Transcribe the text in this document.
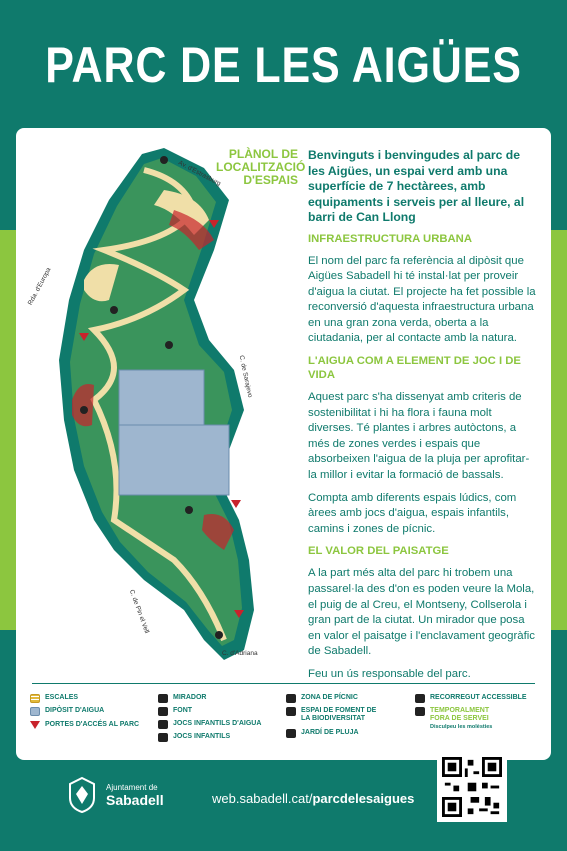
PARC DE LES AIGÜES
Av. d'Estrasburg
Rda. d'Europa
C. de Sarajevo
C. de Pin el Vell
C. d'Adriana
PLÀNOL DE
LOCALITZACIÓ
D'ESPAIS
Benvinguts i benvingudes al parc de les Aigües, un espai verd amb una superfície de 7 hectàrees, amb equipaments i serveis per al lleure, al barri de Can Llong
INFRAESTRUCTURA URBANA
El nom del parc fa referència al dipòsit que Aigües Sabadell hi té instal·lat per proveir d'aigua la ciutat. El projecte ha fet possible la reconversió d'aquesta infraestructura urbana en una gran zona verda, oberta a la ciutadania, per al contacte amb la natura.
L'AIGUA COM A ELEMENT DE JOC I DE VIDA
Aquest parc s'ha dissenyat amb criteris de sostenibilitat i hi ha flora i fauna molt diverses. Té plantes i arbres autòctons, a més de zones verdes i espais que absorbeixen l'aigua de la pluja per aprofitar-la millor i evitar la formació de bassals.
Compta amb diferents espais lúdics, com àrees amb jocs d'aigua, espais infantils, camins i zones de pícnic.
EL VALOR DEL PAISATGE
A la part més alta del parc hi trobem una passarel·la des d'on es poden veure la Mola, el puig de al Creu, el Montseny, Collserola i gran part de la ciutat. Un mirador que posa en valor el paisatge i l'enclavament geogràfic de Sabadell.
Feu un ús responsable del parc.
ESCALES
DIPÒSIT D'AIGUA
PORTES D'ACCÉS AL PARC
MIRADOR
FONT
JOCS INFANTILS D'AIGUA
JOCS INFANTILS
ZONA DE PÍCNIC
ESPAI DE FOMENT DE LA BIODIVERSITAT
JARDÍ DE PLUJA
RECORREGUT ACCESSIBLE
TEMPORALMENT FORA DE SERVEI
Disculpeu les molèsties
Ajuntament de
Sabadell	web.sabadell.cat/parcdelesaigues
